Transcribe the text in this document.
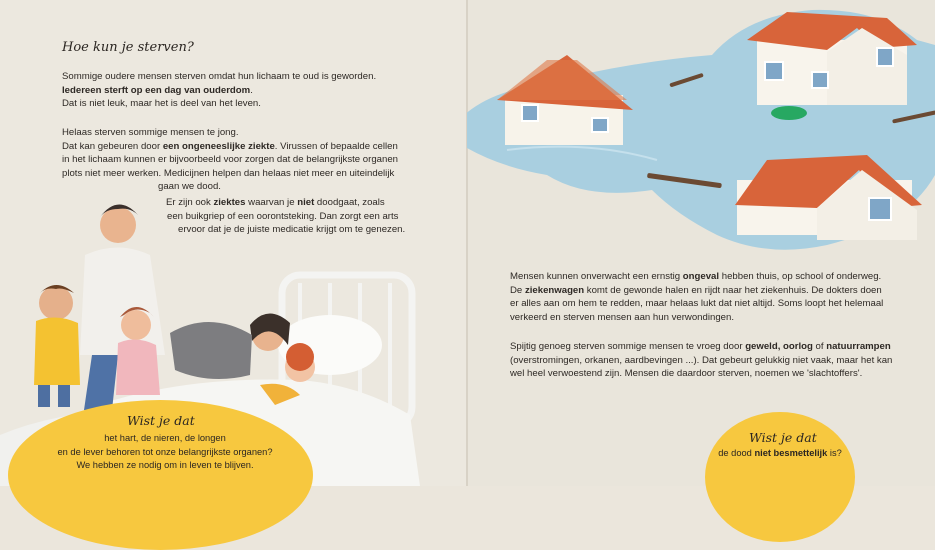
Hoe kun je sterven?
Sommige oudere mensen sterven omdat hun lichaam te oud is geworden.
Iedereen sterft op een dag van ouderdom.
Dat is niet leuk, maar het is deel van het leven.
Helaas sterven sommige mensen te jong.
Dat kan gebeuren door een ongeneeslijke ziekte. Virussen of bepaalde cellen
in het lichaam kunnen er bijvoorbeeld voor zorgen dat de belangrijkste organen
plots niet meer werken. Medicijnen helpen dan helaas niet meer en uiteindelijk
gaan we dood.
Er zijn ook ziektes waarvan je niet doodgaat, zoals
een buikgriep of een oorontsteking. Dan zorgt een arts
ervoor dat je de juiste medicatie krijgt om te genezen.
Wist je dat
het hart, de nieren, de longen
en de lever behoren tot onze belangrijkste organen?
We hebben ze nodig om in leven te blijven.
Mensen kunnen onverwacht een ernstig ongeval hebben thuis, op school of onderweg.
De ziekenwagen komt de gewonde halen en rijdt naar het ziekenhuis. De dokters doen
er alles aan om hem te redden, maar helaas lukt dat niet altijd. Soms loopt het helemaal
verkeerd en sterven mensen aan hun verwondingen.
Spijtig genoeg sterven sommige mensen te vroeg door geweld, oorlog of natuurrampen
(overstromingen, orkanen, aardbevingen ...). Dat gebeurt gelukkig niet vaak, maar het kan
wel heel verwoestend zijn. Mensen die daardoor sterven, noemen we 'slachtoffers'.
Wist je dat
de dood niet besmettelijk is?
